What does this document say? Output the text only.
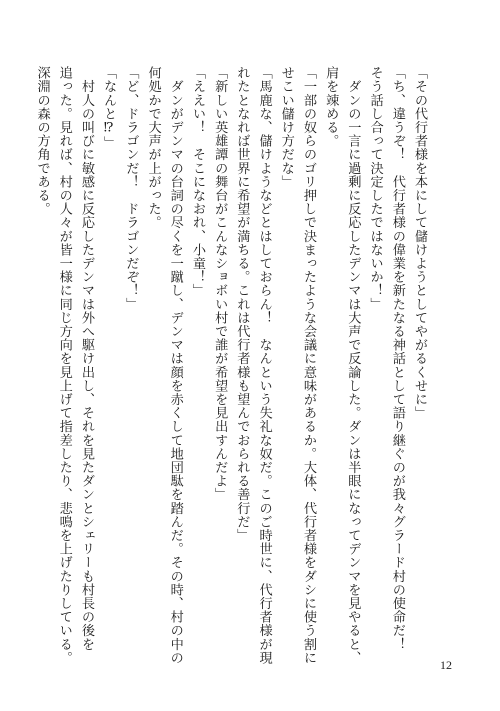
「その代行者様を本にして儲けようとしてやがるくせに」

「ち、違うぞ！　代行者様の偉業を新たなる神話として語り継ぐのが我々グラード村の使命だ！

そう話し合って決定したではないか！」

　ダンの一言に過剰に反応したデンマは大声で反論した。ダンは半眼になってデンマを見やると、

肩を竦める。

「一部の奴らのゴリ押しで決まったような会議に意味があるか。大体、代行者様をダシに使う割に

せこい儲け方だな」

「馬鹿な、儲けようなどとはしておらん！　なんという失礼な奴だ。このご時世に、代行者様が現

れたとなれば世界に希望が満ちる。これは代行者様も望んでおられる善行だ」

「新しい英雄譚の舞台がこんなショボい村で誰が希望を見出すんだよ」

「ええい！　そこになおれ、小童！」

　ダンがデンマの台詞の尽くを一蹴し、デンマは顔を赤くして地団駄を踏んだ。その時、村の中の

何処かで大声が上がった。

「ど、ドラゴンだ！　ドラゴンだぞ！」

「なんと⁉」

　村人の叫びに敏感に反応したデンマは外へ駆け出し、それを見たダンとシェリーも村長の後を

追った。見れば、村の人々が皆一様に同じ方向を見上げて指差したり、悲鳴を上げたりしている。

深淵の森の方角である。

12
